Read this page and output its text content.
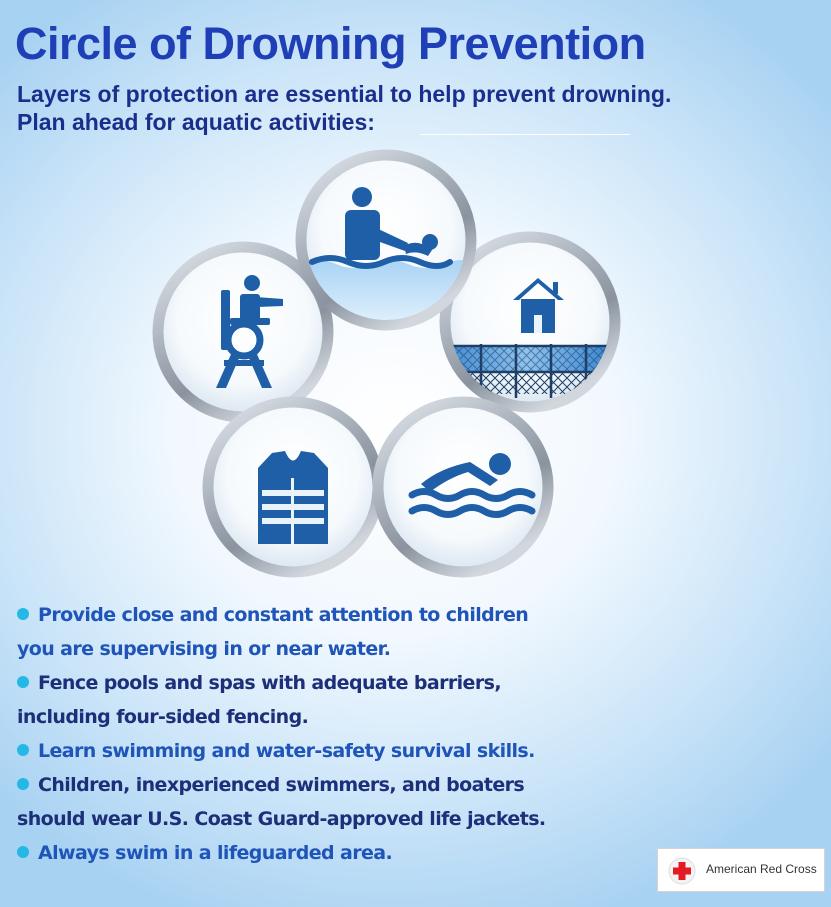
Circle of Drowning Prevention

Layers of protection are essential to help prevent drowning.
Plan ahead for aquatic activities:

Provide close and constant attention to children
you are supervising in or near water.
Fence pools and spas with adequate barriers,
including four-sided fencing.
Learn swimming and water-safety survival skills.
Children, inexperienced swimmers, and boaters
should wear U.S. Coast Guard-approved life jackets.
Always swim in a lifeguarded area.
American Red Cross
